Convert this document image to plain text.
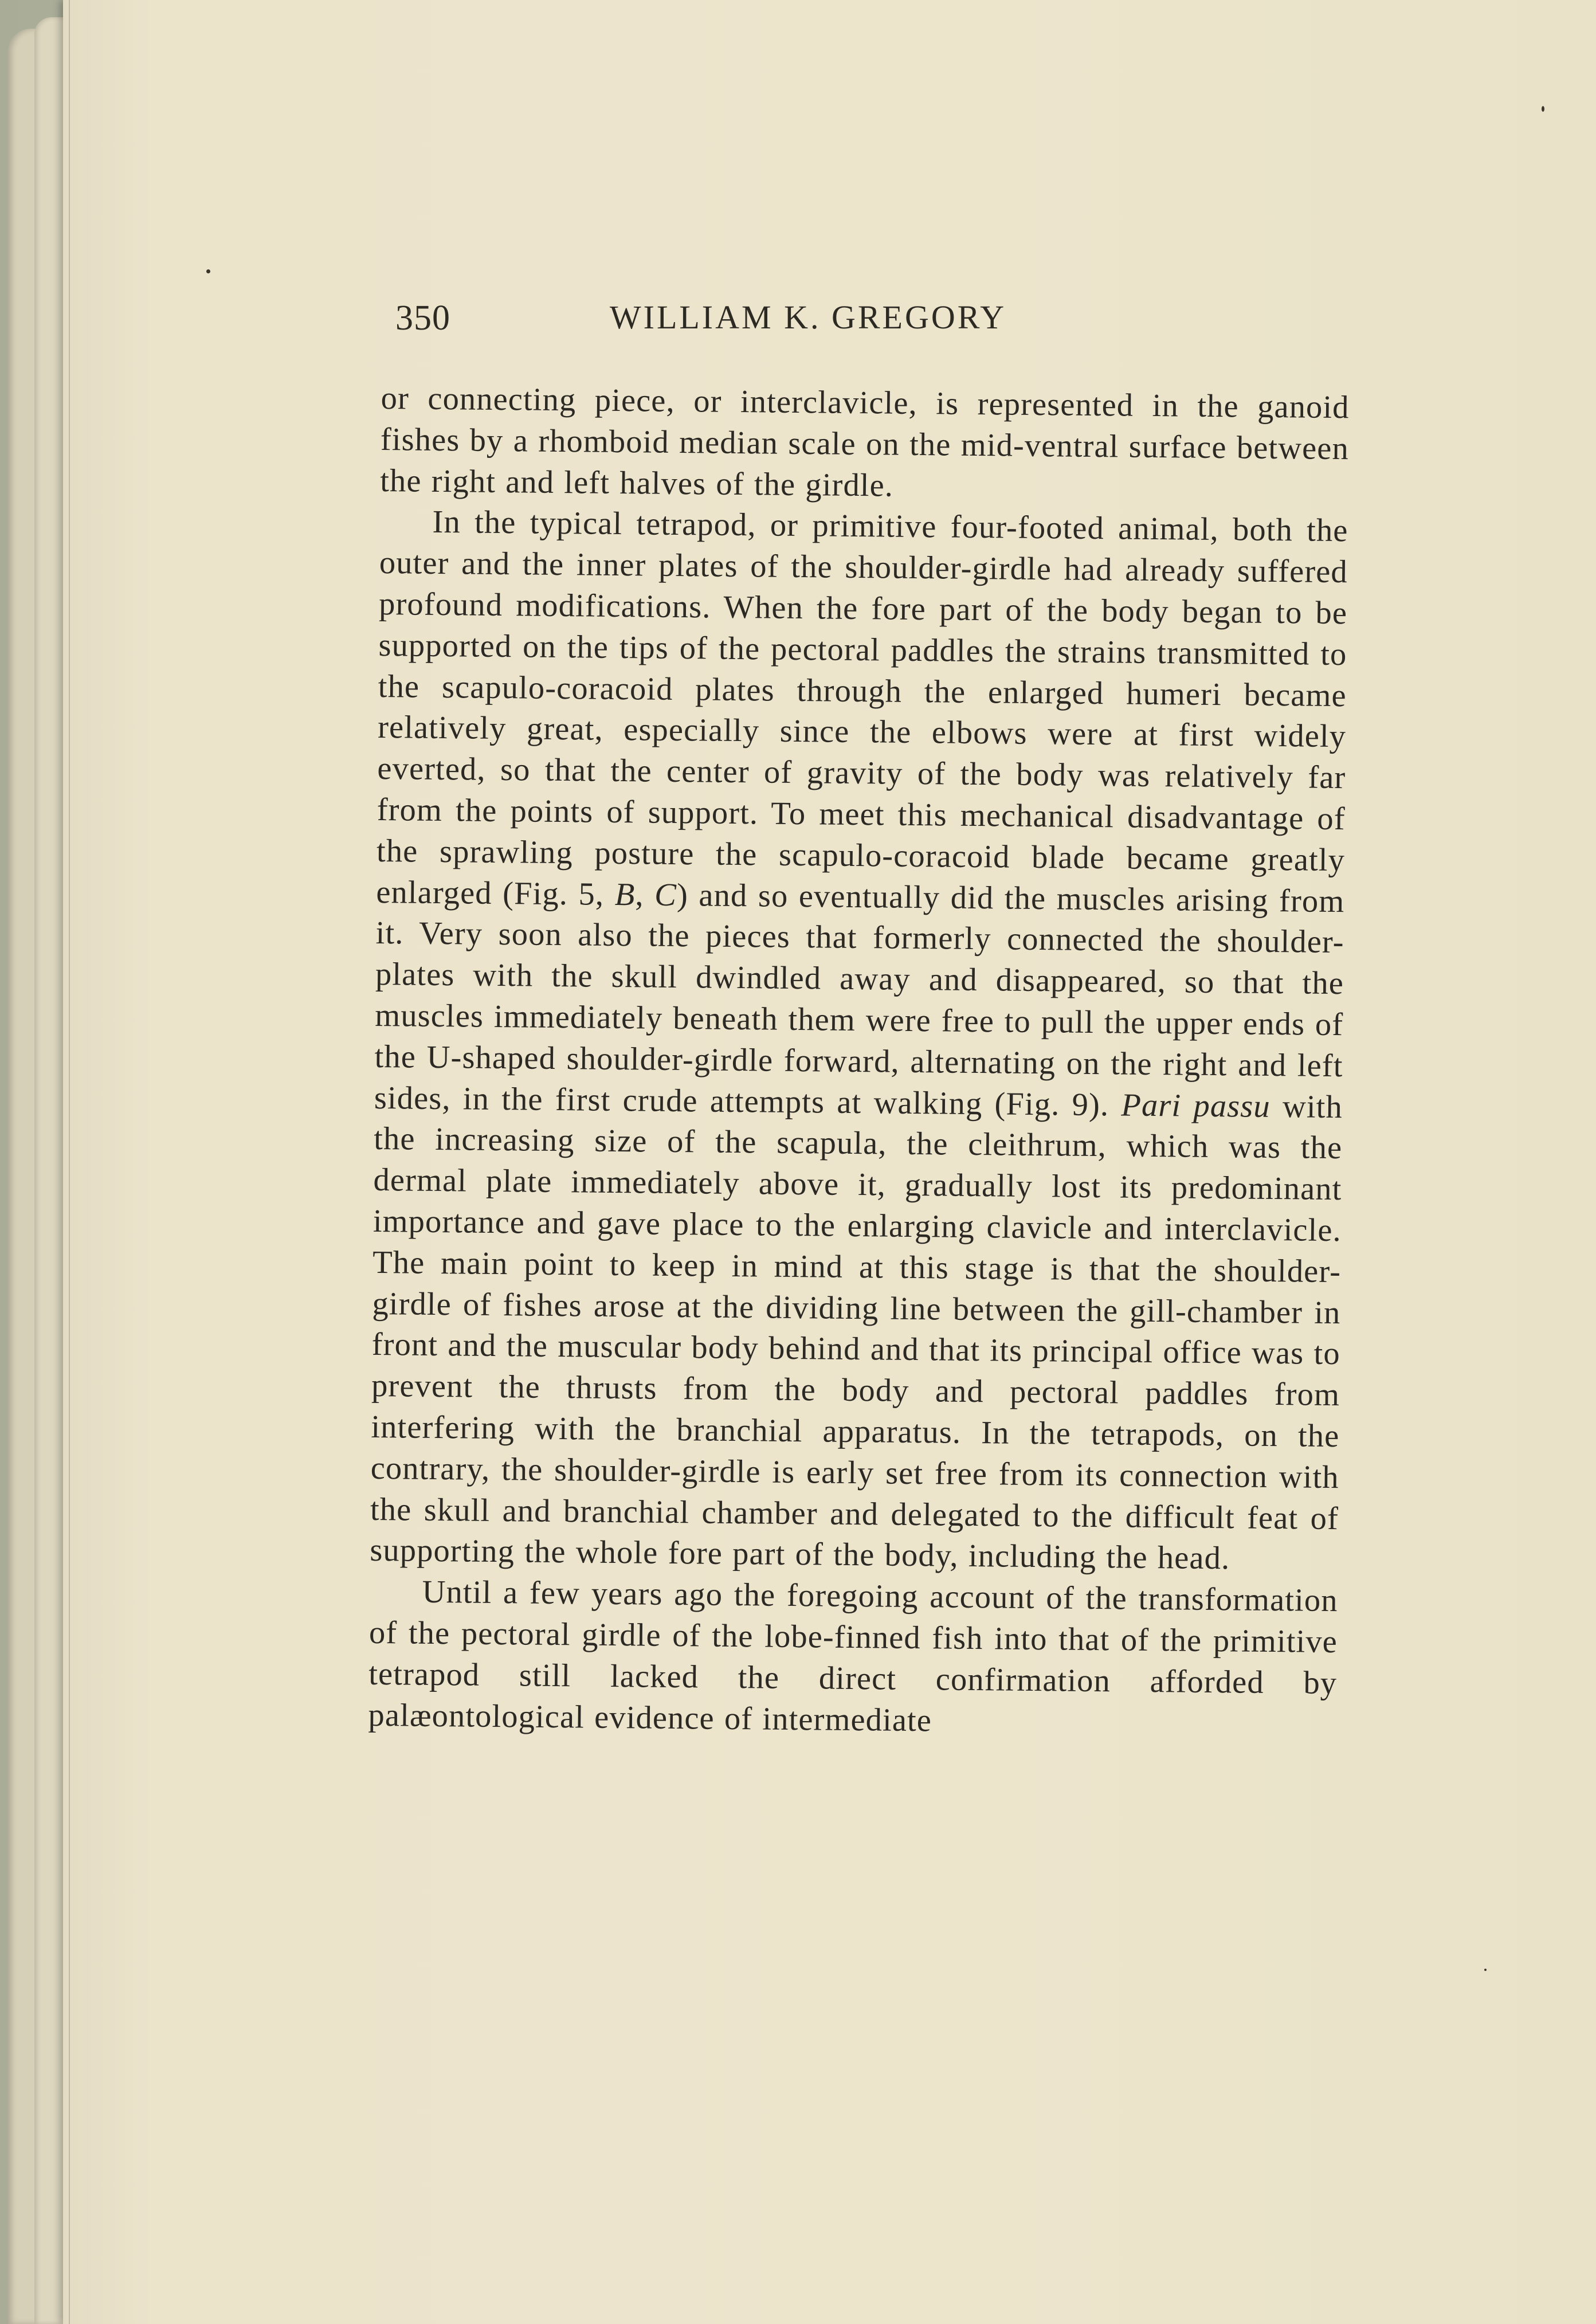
350	WILLIAM K. GREGORY

or connecting piece, or interclavicle, is represented in the ganoid fishes by a rhomboid median scale on the mid-ventral surface between the right and left halves of the girdle.

In the typical tetrapod, or primitive four-footed animal, both the outer and the inner plates of the shoulder-girdle had already suffered profound modifications. When the fore part of the body began to be supported on the tips of the pectoral paddles the strains transmitted to the scapulo-coracoid plates through the enlarged humeri became relatively great, especially since the elbows were at first widely everted, so that the center of gravity of the body was relatively far from the points of support. To meet this mechanical disadvantage of the sprawling posture the scapulo-coracoid blade became greatly enlarged (Fig. 5, B, C) and so eventually did the muscles arising from it. Very soon also the pieces that formerly connected the shoulder-plates with the skull dwindled away and disappeared, so that the muscles immediately beneath them were free to pull the upper ends of the U-shaped shoulder-girdle forward, alternating on the right and left sides, in the first crude attempts at walking (Fig. 9). Pari passu with the increasing size of the scapula, the cleithrum, which was the dermal plate immediately above it, gradually lost its predominant importance and gave place to the enlarging clavicle and interclavicle. The main point to keep in mind at this stage is that the shoulder-girdle of fishes arose at the dividing line between the gill-chamber in front and the muscular body behind and that its principal office was to prevent the thrusts from the body and pectoral paddles from interfering with the branchial apparatus. In the tetrapods, on the contrary, the shoulder-girdle is early set free from its connection with the skull and branchial chamber and delegated to the difficult feat of supporting the whole fore part of the body, including the head.

Until a few years ago the foregoing account of the transformation of the pectoral girdle of the lobe-finned fish into that of the primitive tetrapod still lacked the direct confirmation afforded by palæontological evidence of intermediate
